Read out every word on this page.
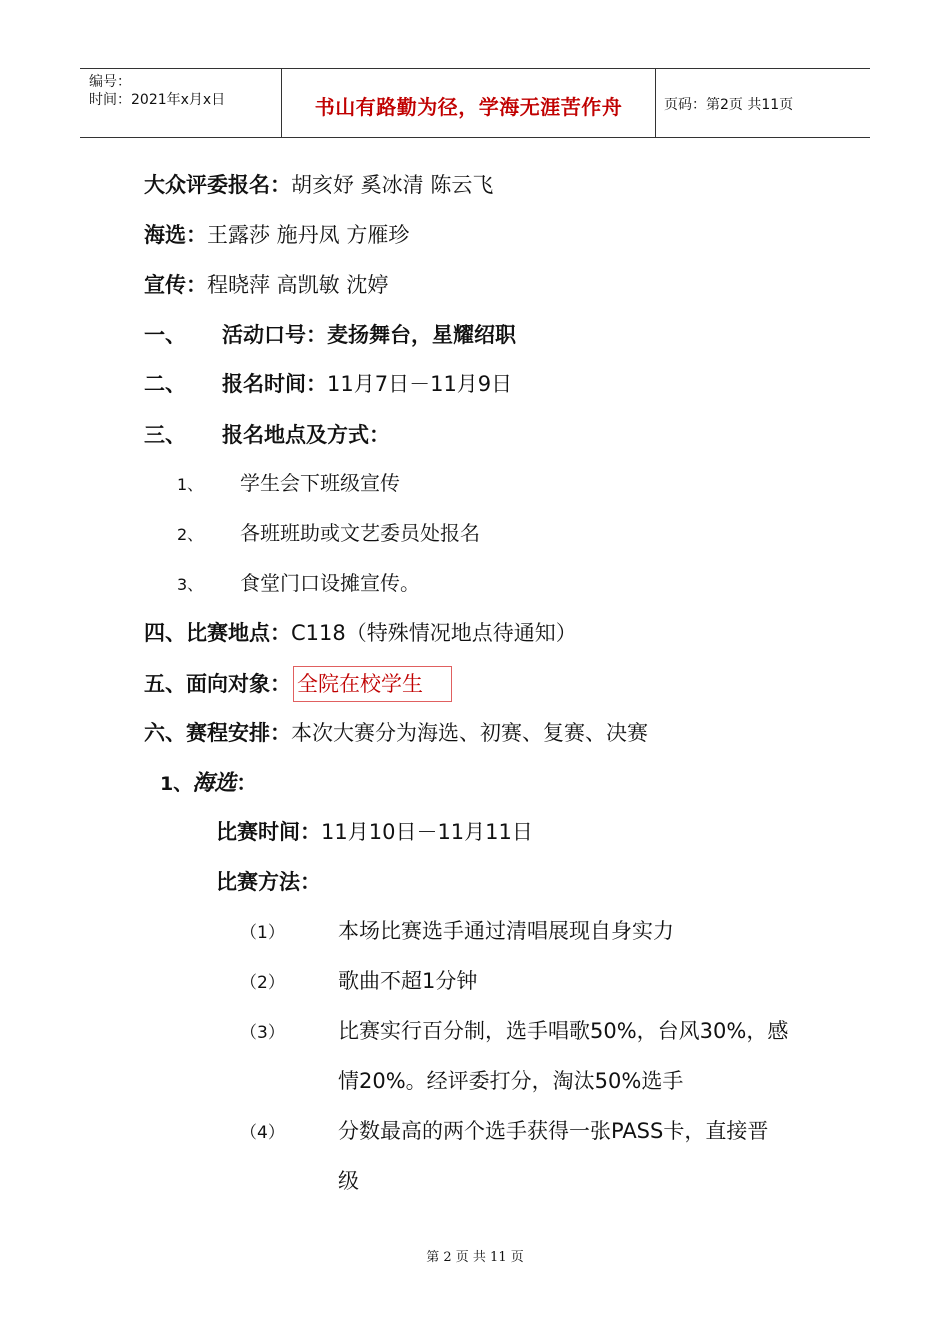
编号：
时间：2021年x月x日	书山有路勤为径，学海无涯苦作舟	页码：第2页 共11页
大众评委报名：胡亥妤 奚冰清 陈云飞
海选：王露莎 施丹凤 方雁珍
宣传：程晓萍 高凯敏 沈婷
一、 活动口号：麦扬舞台，星耀绍职
二、 报名时间：11月7日－11月9日
三、 报名地点及方式：
1、 学生会下班级宣传
2、 各班班助或文艺委员处报名
3、 食堂门口设摊宣传。
四、比赛地点：C118（特殊情况地点待通知）
五、面向对象： 全院在校学生
六、赛程安排：本次大赛分为海选、初赛、复赛、决赛
1、海选：
比赛时间：11月10日－11月11日
比赛方法：
（1）	本场比赛选手通过清唱展现自身实力
（2）	歌曲不超1分钟
（3）	比赛实行百分制，选手唱歌50%，台风30%，感
情20%。经评委打分，淘汰50%选手
（4）	分数最高的两个选手获得一张PASS卡，直接晋
级
第 2 页 共 11 页
